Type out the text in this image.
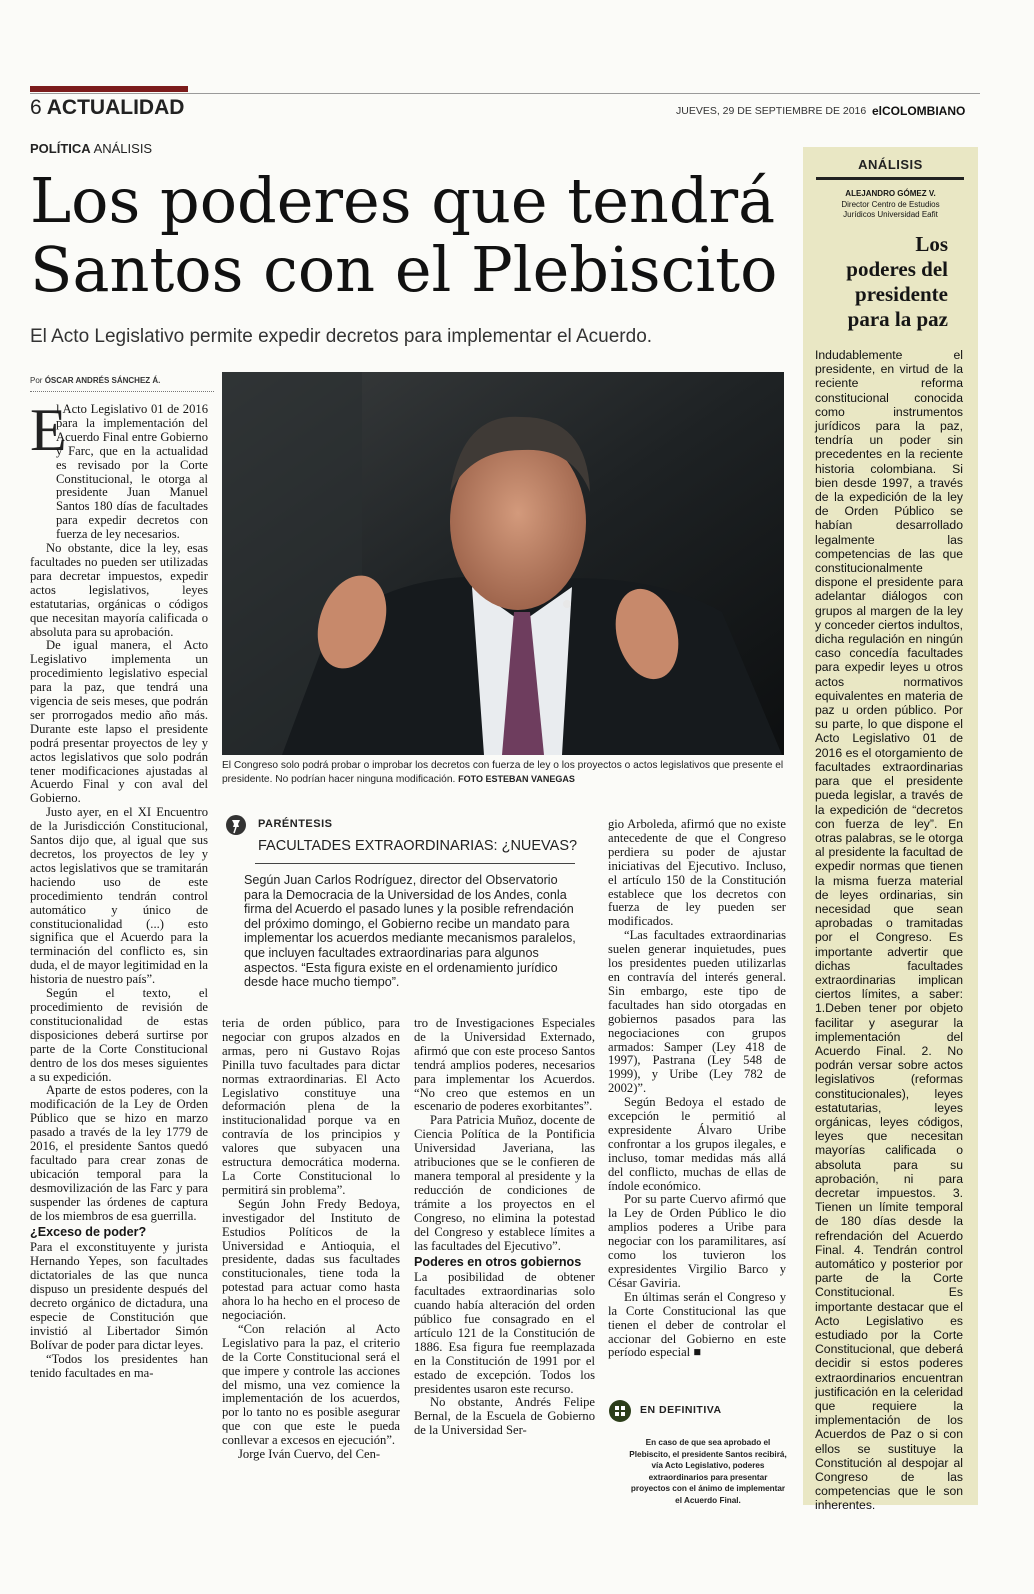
6 ACTUALIDAD	JUEVES, 29 DE SEPTIEMBRE DE 2016 elCOLOMBIANO
POLÍTICA ANÁLISIS
Los poderes que tendrá
Santos con el Plebiscito
El Acto Legislativo permite expedir decretos para implementar el Acuerdo.
Por ÓSCAR ANDRÉS SÁNCHEZ Á.
E

l Acto Legislativo 01 de 2016 para la implementación del Acuerdo Final entre Gobierno y Farc, que en la actualidad es revisado por la Corte Constitucional, le otorga al presidente Juan Manuel Santos 180 días de facultades para expedir decretos con fuerza de ley necesarios.

No obstante, dice la ley, esas facultades no pueden ser utilizadas para decretar impuestos, expedir actos legislativos, leyes estatutarias, orgánicas o códigos que necesitan mayoría calificada o absoluta para su aprobación.

De igual manera, el Acto Legislativo implementa un procedimiento legislativo especial para la paz, que tendrá una vigencia de seis meses, que podrán ser prorrogados medio año más. Durante este lapso el presidente podrá presentar proyectos de ley y actos legislativos que solo podrán tener modificaciones ajustadas al Acuerdo Final y con aval del Gobierno.

Justo ayer, en el XI Encuentro de la Jurisdicción Constitucional, Santos dijo que, al igual que sus decretos, los proyectos de ley y actos legislativos que se tramitarán haciendo uso de este procedimiento tendrán control automático y único de constitucionalidad (...) esto significa que el Acuerdo para la terminación del conflicto es, sin duda, el de mayor legitimidad en la historia de nuestro país”.

Según el texto, el procedimiento de revisión de constitucionalidad de estas disposiciones deberá surtirse por parte de la Corte Constitucional dentro de los dos meses siguientes a su expedición.

Aparte de estos poderes, con la modificación de la Ley de Orden Público que se hizo en marzo pasado a través de la ley 1779 de 2016, el presidente Santos quedó facultado para crear zonas de ubicación temporal para la desmovilización de las Farc y para suspender las órdenes de captura de los miembros de esa guerrilla.

¿Exceso de poder?

Para el exconstituyente y jurista Hernando Yepes, son facultades dictatoriales de las que nunca dispuso un presidente después del decreto orgánico de dictadura, una especie de Constitución que invistió al Libertador Simón Bolívar de poder para dictar leyes.

“Todos los presidentes han tenido facultades en ma-

El Congreso solo podrá probar o improbar los decretos con fuerza de ley o los proyectos o actos legislativos que presente el presidente. No podrían hacer ninguna modificación. FOTO ESTEBAN VANEGAS
PARÉNTESIS
FACULTADES EXTRAORDINARIAS: ¿NUEVAS?
Según Juan Carlos Rodríguez, director del Observatorio para la Democracia de la Universidad de los Andes, conla firma del Acuerdo el pasado lunes y la posible refrendación del próximo domingo, el Gobierno recibe un mandato para implementar los acuerdos mediante mecanismos paralelos, que incluyen facultades extraordinarias para algunos aspectos. “Esta figura existe en el ordenamiento jurídico desde hace mucho tiempo”.

teria de orden público, para negociar con grupos alzados en armas, pero ni Gustavo Rojas Pinilla tuvo facultades para dictar normas extraordinarias. El Acto Legislativo constituye una deformación plena de la institucionalidad porque va en contravía de los principios y valores que subyacen una estructura democrática moderna. La Corte Constitucional lo permitirá sin problema”.

Según John Fredy Bedoya, investigador del Instituto de Estudios Políticos de la Universidad e Antioquia, el presidente, dadas sus facultades constitucionales, tiene toda la potestad para actuar como hasta ahora lo ha hecho en el proceso de negociación.

“Con relación al Acto Legislativo para la paz, el criterio de la Corte Constitucional será el que impere y controle las acciones del mismo, una vez comience la implementación de los acuerdos, por lo tanto no es posible asegurar que con que este le pueda conllevar a excesos en ejecución”.

Jorge Iván Cuervo, del Cen-

tro de Investigaciones Especiales de la Universidad Externado, afirmó que con este proceso Santos tendrá amplios poderes, necesarios para implementar los Acuerdos. “No creo que estemos en un escenario de poderes exorbitantes”.

Para Patricia Muñoz, docente de Ciencia Política de la Pontificia Universidad Javeriana, las atribuciones que se le confieren de manera temporal al presidente y la reducción de condiciones de trámite a los proyectos en el Congreso, no elimina la potestad del Congreso y establece límites a las facultades del Ejecutivo”.

Poderes en otros gobiernos

La posibilidad de obtener facultades extraordinarias solo cuando había alteración del orden público fue consagrado en el artículo 121 de la Constitución de 1886. Esa figura fue reemplazada en la Constitución de 1991 por el estado de excepción. Todos los presidentes usaron este recurso.

No obstante, Andrés Felipe Bernal, de la Escuela de Gobierno de la Universidad Ser-

gio Arboleda, afirmó que no existe antecedente de que el Congreso perdiera su poder de ajustar iniciativas del Ejecutivo. Incluso, el artículo 150 de la Constitución establece que los decretos con fuerza de ley pueden ser modificados.

“Las facultades extraordinarias suelen generar inquietudes, pues los presidentes pueden utilizarlas en contravía del interés general. Sin embargo, este tipo de facultades han sido otorgadas en gobiernos pasados para las negociaciones con grupos armados: Samper (Ley 418 de 1997), Pastrana (Ley 548 de 1999), y Uribe (Ley 782 de 2002)”.

Según Bedoya el estado de excepción le permitió al expresidente Álvaro Uribe confrontar a los grupos ilegales, e incluso, tomar medidas más allá del conflicto, muchas de ellas de índole económico.

Por su parte Cuervo afirmó que la Ley de Orden Público le dio amplios poderes a Uribe para negociar con los paramilitares, así como los tuvieron los expresidentes Virgilio Barco y César Gaviria.

En últimas serán el Congreso y la Corte Constitucional las que tienen el deber de controlar el accionar del Gobierno en este período especial ■

EN DEFINITIVA
En caso de que sea aprobado el Plebiscito, el presidente Santos recibirá, vía Acto Legislativo, poderes extraordinarios para presentar proyectos con el ánimo de implementar el Acuerdo Final.
ANÁLISIS
ALEJANDRO GÓMEZ V.
Director Centro de Estudios
Jurídicos Universidad Eafit
Los
poderes del
presidente
para la paz
Indudablemente el presidente, en virtud de la reciente reforma constitucional conocida como instrumentos jurídicos para la paz, tendría un poder sin precedentes en la reciente historia colombiana. Si bien desde 1997, a través de la expedición de la ley de Orden Público se habían desarrollado legalmente las competencias de las que constitucionalmente dispone el presidente para adelantar diálogos con grupos al margen de la ley y conceder ciertos indultos, dicha regulación en ningún caso concedía facultades para expedir leyes u otros actos normativos equivalentes en materia de paz u orden público. Por su parte, lo que dispone el Acto Legislativo 01 de 2016 es el otorgamiento de facultades extraordinarias para que el presidente pueda legislar, a través de la expedición de “decretos con fuerza de ley”. En otras palabras, se le otorga al presidente la facultad de expedir normas que tienen la misma fuerza material de leyes ordinarias, sin necesidad que sean aprobadas o tramitadas por el Congreso. Es importante advertir que dichas facultades extraordinarias implican ciertos límites, a saber: 1.Deben tener por objeto facilitar y asegurar la implementación del Acuerdo Final. 2. No podrán versar sobre actos legislativos (reformas constitucionales), leyes estatutarias, leyes orgánicas, leyes códigos, leyes que necesitan mayorías calificada o absoluta para su aprobación, ni para decretar impuestos. 3. Tienen un límite temporal de 180 días desde la refrendación del Acuerdo Final. 4. Tendrán control automático y posterior por parte de la Corte Constitucional. Es importante destacar que el Acto Legislativo es estudiado por la Corte Constitucional, que deberá decidir si estos poderes extraordinarios encuentran justificación en la celeridad que requiere la implementación de los Acuerdos de Paz o si con ellos se sustituye la Constitución al despojar al Congreso de las competencias que le son inherentes.
